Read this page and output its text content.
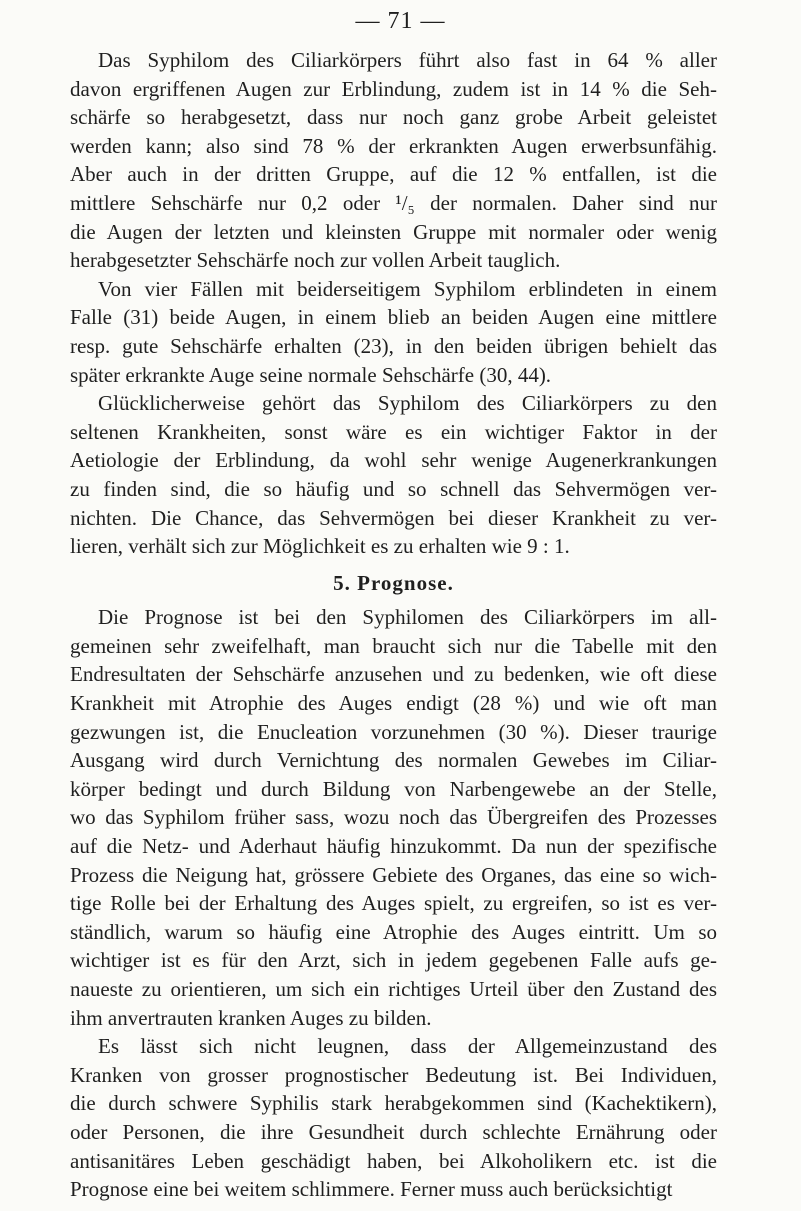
— 71 —

Das Syphilom des Ciliarkörpers führt also fast in 64 % aller
davon ergriffenen Augen zur Erblindung, zudem ist in 14 % die Seh-
schärfe so herabgesetzt, dass nur noch ganz grobe Arbeit geleistet
werden kann; also sind 78 % der erkrankten Augen erwerbsunfähig.
Aber auch in der dritten Gruppe, auf die 12 % entfallen, ist die
mittlere Sehschärfe nur 0,2 oder ¹/₅ der normalen. Daher sind nur
die Augen der letzten und kleinsten Gruppe mit normaler oder wenig
herabgesetzter Sehschärfe noch zur vollen Arbeit tauglich.

Von vier Fällen mit beiderseitigem Syphilom erblindeten in einem
Falle (31) beide Augen, in einem blieb an beiden Augen eine mittlere
resp. gute Sehschärfe erhalten (23), in den beiden übrigen behielt das
später erkrankte Auge seine normale Sehschärfe (30, 44).

Glücklicherweise gehört das Syphilom des Ciliarkörpers zu den
seltenen Krankheiten, sonst wäre es ein wichtiger Faktor in der
Aetiologie der Erblindung, da wohl sehr wenige Augenerkrankungen
zu finden sind, die so häufig und so schnell das Sehvermögen ver-
nichten. Die Chance, das Sehvermögen bei dieser Krankheit zu ver-
lieren, verhält sich zur Möglichkeit es zu erhalten wie 9 : 1.

5. Prognose.

Die Prognose ist bei den Syphilomen des Ciliarkörpers im all-
gemeinen sehr zweifelhaft, man braucht sich nur die Tabelle mit den
Endresultaten der Sehschärfe anzusehen und zu bedenken, wie oft diese
Krankheit mit Atrophie des Auges endigt (28 %) und wie oft man
gezwungen ist, die Enucleation vorzunehmen (30 %). Dieser traurige
Ausgang wird durch Vernichtung des normalen Gewebes im Ciliar-
körper bedingt und durch Bildung von Narbengewebe an der Stelle,
wo das Syphilom früher sass, wozu noch das Übergreifen des Prozesses
auf die Netz- und Aderhaut häufig hinzukommt. Da nun der spezifische
Prozess die Neigung hat, grössere Gebiete des Organes, das eine so wich-
tige Rolle bei der Erhaltung des Auges spielt, zu ergreifen, so ist es ver-
ständlich, warum so häufig eine Atrophie des Auges eintritt. Um so
wichtiger ist es für den Arzt, sich in jedem gegebenen Falle aufs ge-
naueste zu orientieren, um sich ein richtiges Urteil über den Zustand des
ihm anvertrauten kranken Auges zu bilden.

Es lässt sich nicht leugnen, dass der Allgemeinzustand des
Kranken von grosser prognostischer Bedeutung ist. Bei Individuen,
die durch schwere Syphilis stark herabgekommen sind (Kachektikern),
oder Personen, die ihre Gesundheit durch schlechte Ernährung oder
antisanitäres Leben geschädigt haben, bei Alkoholikern etc. ist die
Prognose eine bei weitem schlimmere. Ferner muss auch berücksichtigt
